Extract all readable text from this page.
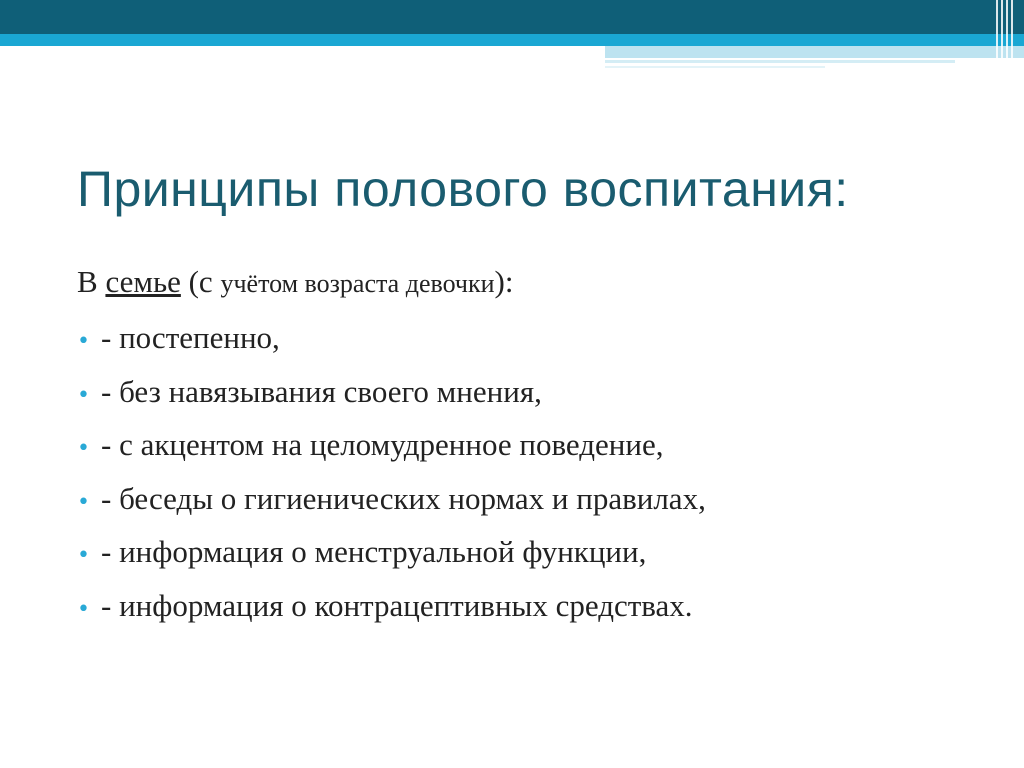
Принципы полового воспитания:
В семье (с учётом возраста девочки):
• - постепенно,
• - без навязывания своего мнения,
• - с акцентом на целомудренное поведение,
• - беседы о гигиенических нормах и правилах,
• - информация о менструальной функции,
• - информация о контрацептивных средствах.
